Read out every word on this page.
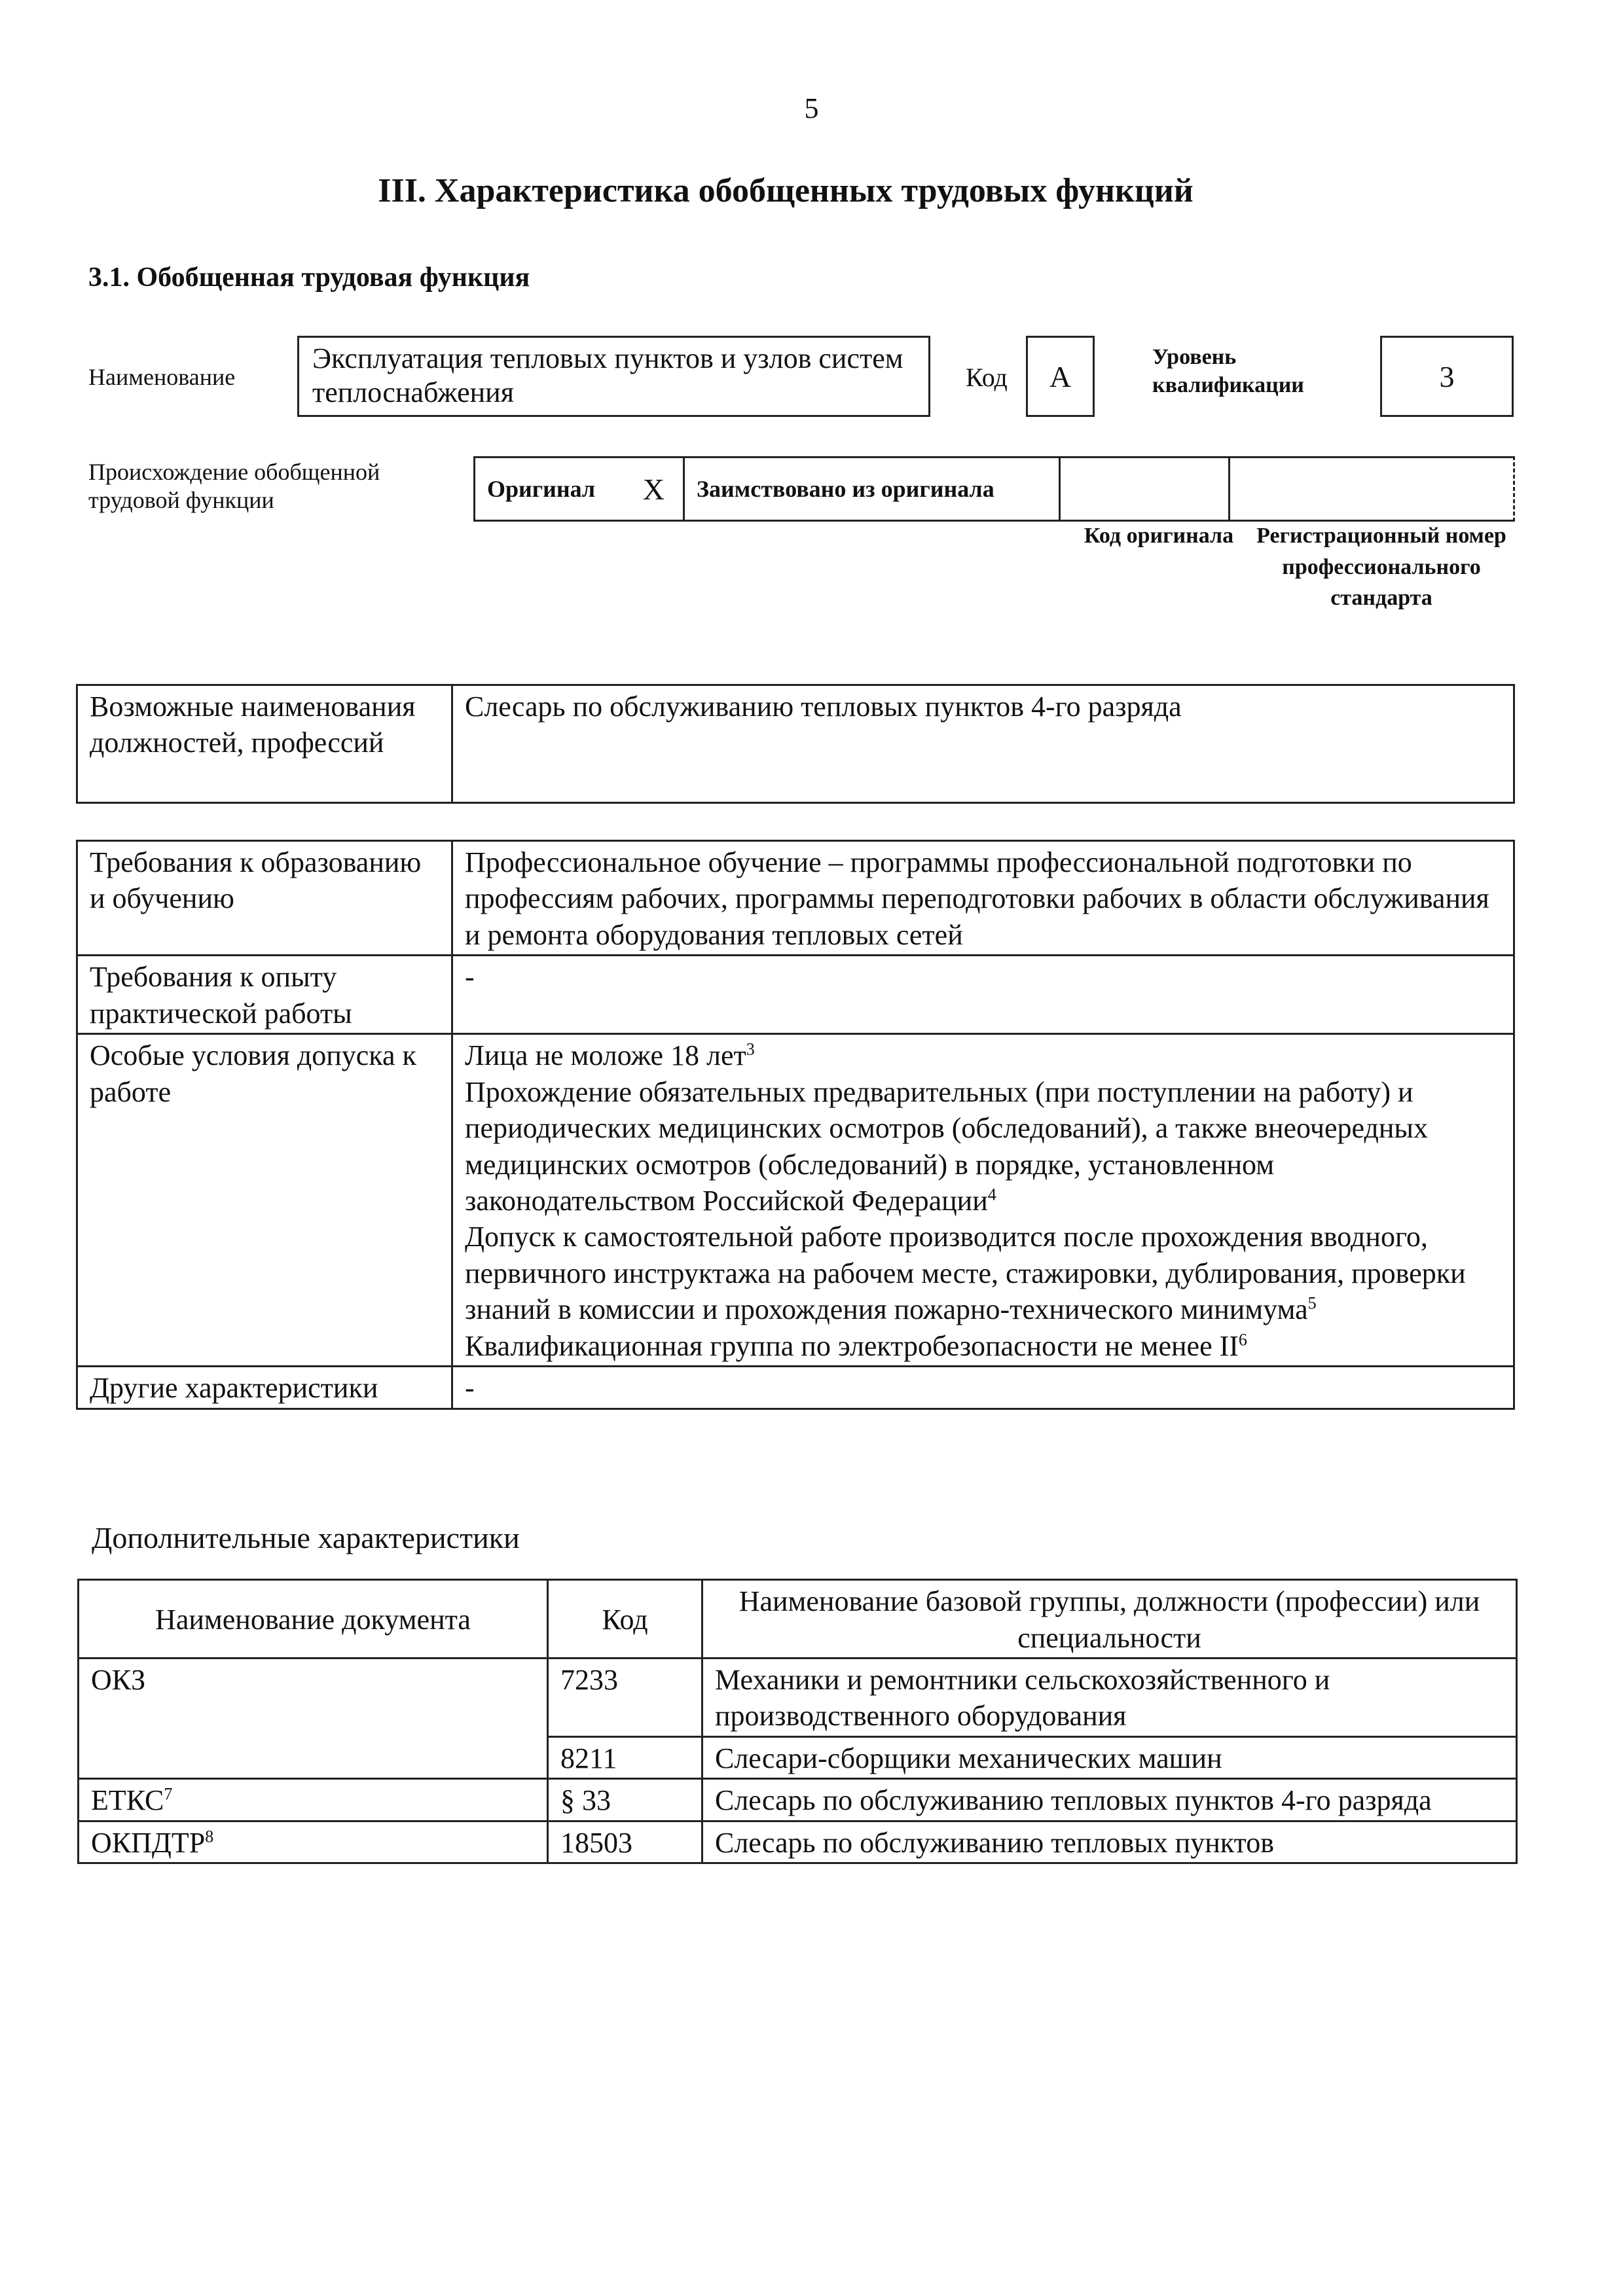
5
III. Характеристика обобщенных трудовых функций
3.1. Обобщенная трудовая функция
Наименование
Эксплуатация тепловых пунктов и узлов систем теплоснабжения	Код	А
Уровень квалификации	3
Происхождение обобщенной трудовой функции	Оригинал X	Заимствовано из оригинала
Код оригинала	Регистрационный номер профессионального стандарта
Возможные наименования должностей, профессий	Слесарь по обслуживанию тепловых пунктов 4-го разряда
Требования к образованию и обучению	Профессиональное обучение – программы профессиональной подготовки по профессиям рабочих, программы переподготовки рабочих в области обслуживания и ремонта оборудования тепловых сетей
Требования к опыту практической работы	-
Особые условия допуска к работе	Лица не моложе 18 лет$^3$
Прохождение обязательных предварительных (при поступлении на работу) и периодических медицинских осмотров (обследований), а также внеочередных медицинских осмотров (обследований) в порядке, установленном законодательством Российской Федерации$^4$
Допуск к самостоятельной работе производится после прохождения вводного, первичного инструктажа на рабочем месте, стажировки, дублирования, проверки знаний в комиссии и прохождения пожарно-технического минимума$^5$
Квалификационная группа по электробезопасности не менее $II^6$

Другие характеристики	-
Дополнительные характеристики
Наименование документа	Код	Наименование базовой группы, должности (профессии) или специальности
ОКЗ	7233	Механики и ремонтники сельскохозяйственного и производственного оборудования
	8211	Слесари-сборщики механических машин
ЕТКС$^7$	§ 33	Слесарь по обслуживанию тепловых пунктов 4-го разряда
ОКПДТР$^8$	18503	Слесарь по обслуживанию тепловых пунктов
